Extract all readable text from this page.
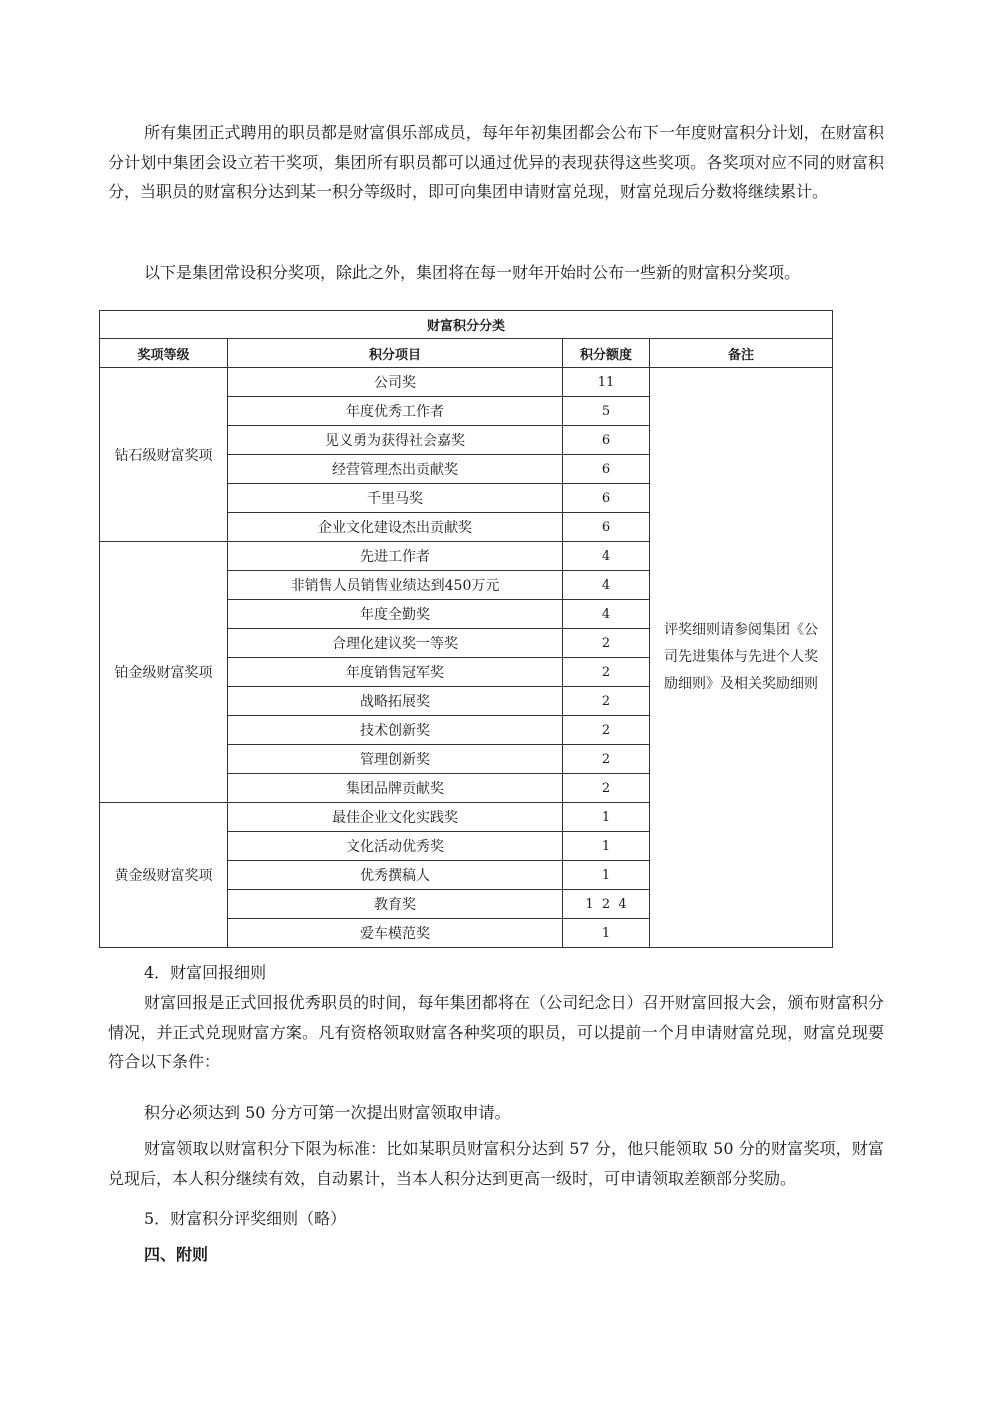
所有集团正式聘用的职员都是财富俱乐部成员，每年年初集团都会公布下一年度财富积分计划，在财富积分计划中集团会设立若干奖项，集团所有职员都可以通过优异的表现获得这些奖项。各奖项对应不同的财富积分，当职员的财富积分达到某一积分等级时，即可向集团申请财富兑现，财富兑现后分数将继续累计。

以下是集团常设积分奖项，除此之外，集团将在每一财年开始时公布一些新的财富积分奖项。

财富积分分类			
奖项等级	积分项目	积分额度	备注
钻石级财富奖项	公司奖	11	评奖细则请参阅集团《公司先进集体与先进个人奖励细则》及相关奖励细则
	年度优秀工作者	5	
	见义勇为获得社会嘉奖	6	
	经营管理杰出贡献奖	6	
	千里马奖	6	
	企业文化建设杰出贡献奖	6	
铂金级财富奖项	先进工作者	4	
	非销售人员销售业绩达到450万元	4	
	年度全勤奖	4	
	合理化建议奖一等奖	2	
	年度销售冠军奖	2	
	战略拓展奖	2	
	技术创新奖	2	
	管理创新奖	2	
	集团品牌贡献奖	2	
黄金级财富奖项	最佳企业文化实践奖	1	
	文化活动优秀奖	1	
	优秀撰稿人	1	
	教育奖	1  2  4	
	爱车模范奖	1	

4．财富回报细则

财富回报是正式回报优秀职员的时间，每年集团都将在（公司纪念日）召开财富回报大会，颁布财富积分情况，并正式兑现财富方案。凡有资格领取财富各种奖项的职员，可以提前一个月申请财富兑现，财富兑现要符合以下条件：

积分必须达到 50 分方可第一次提出财富领取申请。

财富领取以财富积分下限为标准：比如某职员财富积分达到 57 分，他只能领取 50 分的财富奖项，财富兑现后，本人积分继续有效，自动累计，当本人积分达到更高一级时，可申请领取差额部分奖励。

5．财富积分评奖细则（略）

四、附则
